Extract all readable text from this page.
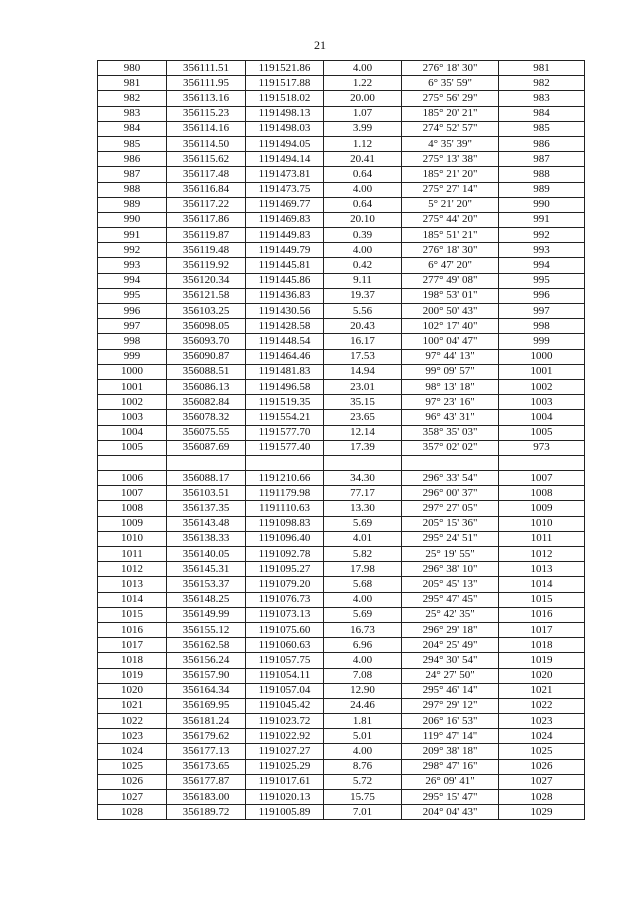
21
980	356111.51	1191521.86	4.00	276° 18' 30"	981
981	356111.95	1191517.88	1.22	6° 35' 59"	982
982	356113.16	1191518.02	20.00	275° 56' 29"	983
983	356115.23	1191498.13	1.07	185° 20' 21"	984
984	356114.16	1191498.03	3.99	274° 52' 57"	985
985	356114.50	1191494.05	1.12	4° 35' 39"	986
986	356115.62	1191494.14	20.41	275° 13' 38"	987
987	356117.48	1191473.81	0.64	185° 21' 20"	988
988	356116.84	1191473.75	4.00	275° 27' 14"	989
989	356117.22	1191469.77	0.64	5° 21' 20"	990
990	356117.86	1191469.83	20.10	275° 44' 20"	991
991	356119.87	1191449.83	0.39	185° 51' 21"	992
992	356119.48	1191449.79	4.00	276° 18' 30"	993
993	356119.92	1191445.81	0.42	6° 47' 20"	994
994	356120.34	1191445.86	9.11	277° 49' 08"	995
995	356121.58	1191436.83	19.37	198° 53' 01"	996
996	356103.25	1191430.56	5.56	200° 50' 43"	997
997	356098.05	1191428.58	20.43	102° 17' 40"	998
998	356093.70	1191448.54	16.17	100° 04' 47"	999
999	356090.87	1191464.46	17.53	97° 44' 13"	1000
1000	356088.51	1191481.83	14.94	99° 09' 57"	1001
1001	356086.13	1191496.58	23.01	98° 13' 18"	1002
1002	356082.84	1191519.35	35.15	97° 23' 16"	1003
1003	356078.32	1191554.21	23.65	96° 43' 31"	1004
1004	356075.55	1191577.70	12.14	358° 35' 03"	1005
1005	356087.69	1191577.40	17.39	357° 02' 02"	973

1006	356088.17	1191210.66	34.30	296° 33' 54"	1007
1007	356103.51	1191179.98	77.17	296° 00' 37"	1008
1008	356137.35	1191110.63	13.30	297° 27' 05"	1009
1009	356143.48	1191098.83	5.69	205° 15' 36"	1010
1010	356138.33	1191096.40	4.01	295° 24' 51"	1011
1011	356140.05	1191092.78	5.82	25° 19' 55"	1012
1012	356145.31	1191095.27	17.98	296° 38' 10"	1013
1013	356153.37	1191079.20	5.68	205° 45' 13"	1014
1014	356148.25	1191076.73	4.00	295° 47' 45"	1015
1015	356149.99	1191073.13	5.69	25° 42' 35"	1016
1016	356155.12	1191075.60	16.73	296° 29' 18"	1017
1017	356162.58	1191060.63	6.96	204° 25' 49"	1018
1018	356156.24	1191057.75	4.00	294° 30' 54"	1019
1019	356157.90	1191054.11	7.08	24° 27' 50"	1020
1020	356164.34	1191057.04	12.90	295° 46' 14"	1021
1021	356169.95	1191045.42	24.46	297° 29' 12"	1022
1022	356181.24	1191023.72	1.81	206° 16' 53"	1023
1023	356179.62	1191022.92	5.01	119° 47' 14"	1024
1024	356177.13	1191027.27	4.00	209° 38' 18"	1025
1025	356173.65	1191025.29	8.76	298° 47' 16"	1026
1026	356177.87	1191017.61	5.72	26° 09' 41"	1027
1027	356183.00	1191020.13	15.75	295° 15' 47"	1028
1028	356189.72	1191005.89	7.01	204° 04' 43"	1029
